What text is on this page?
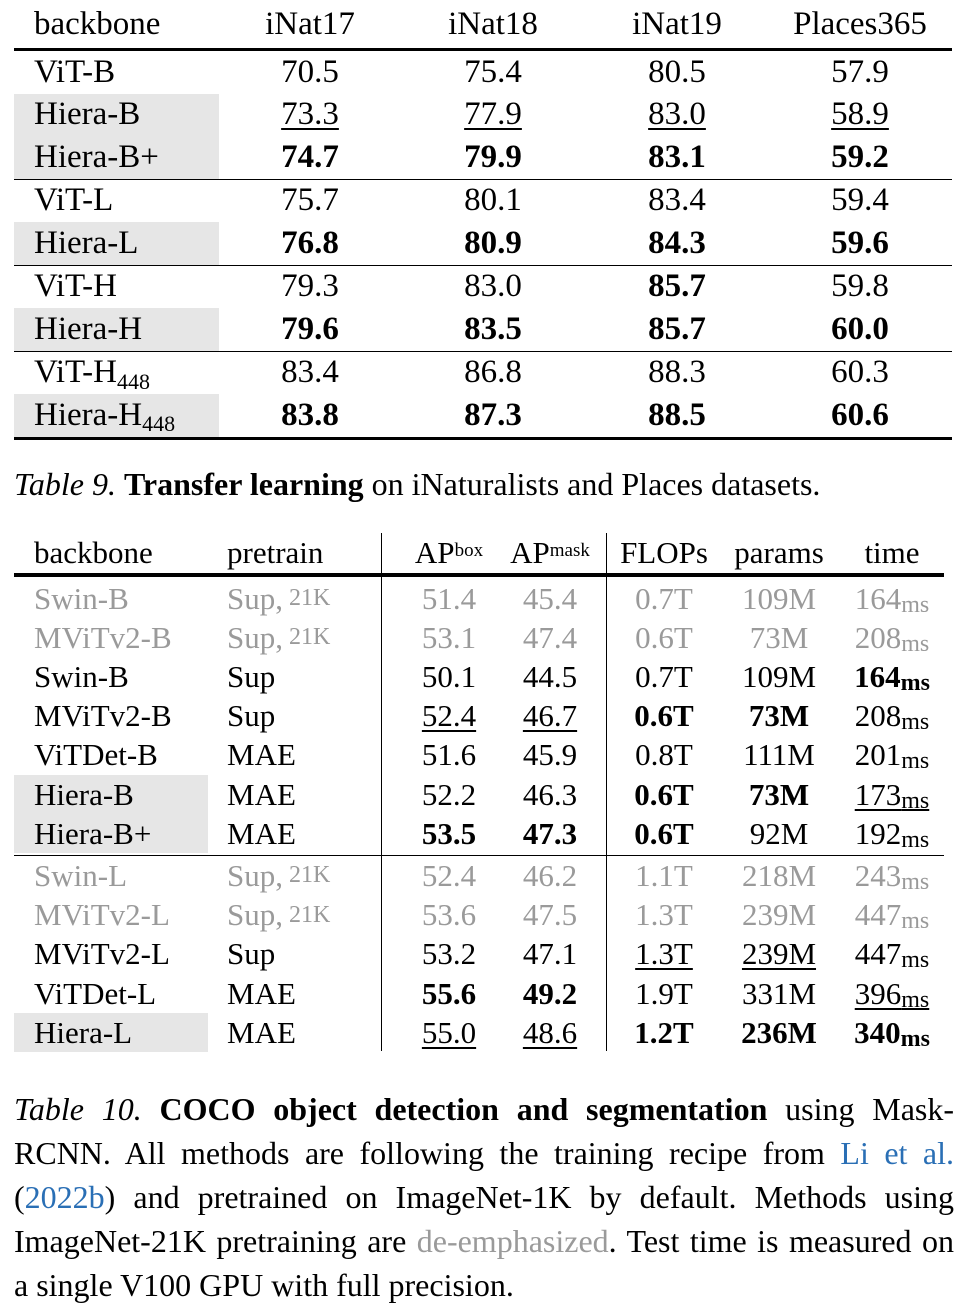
backbone	iNat17	iNat18	iNat19	Places365
ViT-B	70.5	75.4	80.5	57.9
Hiera-B	73.3	77.9	83.0	58.9
Hiera-B+	74.7	79.9	83.1	59.2
ViT-L	75.7	80.1	83.4	59.4
Hiera-L	76.8	80.9	84.3	59.6
ViT-H	79.3	83.0	85.7	59.8
Hiera-H	79.6	83.5	85.7	60.0
ViT-H 448	83.4	86.8	88.3	60.3
Hiera-H 448	83.8	87.3	88.5	60.6
Table 9. Transfer learning on iNaturalists and Places datasets.
backbone pretrain	$AP^{box}$ $AP^{mask}$ FLOPs params	time
Swin-B	Sup, 21K	51.4 45.4 0.7T 109M 164ms
MViTv2-B Sup, 21K	53.1 47.4 0.6T 73M 208ms
Swin-B	Sup	50.1 44.5 0.7T 109M 164ms
MViTv2-B Sup	52.4 46.7 0.6T 73M 208ms
ViTDet-B MAE	51.6 45.9 0.8T 111M 201ms
Hiera-B	MAE	52.2 46.3 0.6T 73M 173ms
Hiera-B+ MAE	53.5 47.3 0.6T 92M 192ms
Swin-L	Sup, 21K	52.4 46.2 1.1T 218M 243ms
MViTv2-L Sup, 21K	53.6 47.5 1.3T 239M 447ms
MViTv2-L Sup	53.2 47.1 1.3T 239M 447ms
ViTDet-L MAE	55.6 49.2 1.9T 331M 396ms
Hiera-L	MAE	55.0 48.6 1.2T 236M 340ms
Table 10. COCO object detection and segmentation using Mask-RCNN. All methods are following the training recipe from Li et al. (2022b) and pretrained on ImageNet-1K by default. Methods using ImageNet-21K pretraining are de-emphasized. Test time is measured on a single V100 GPU with full precision.
